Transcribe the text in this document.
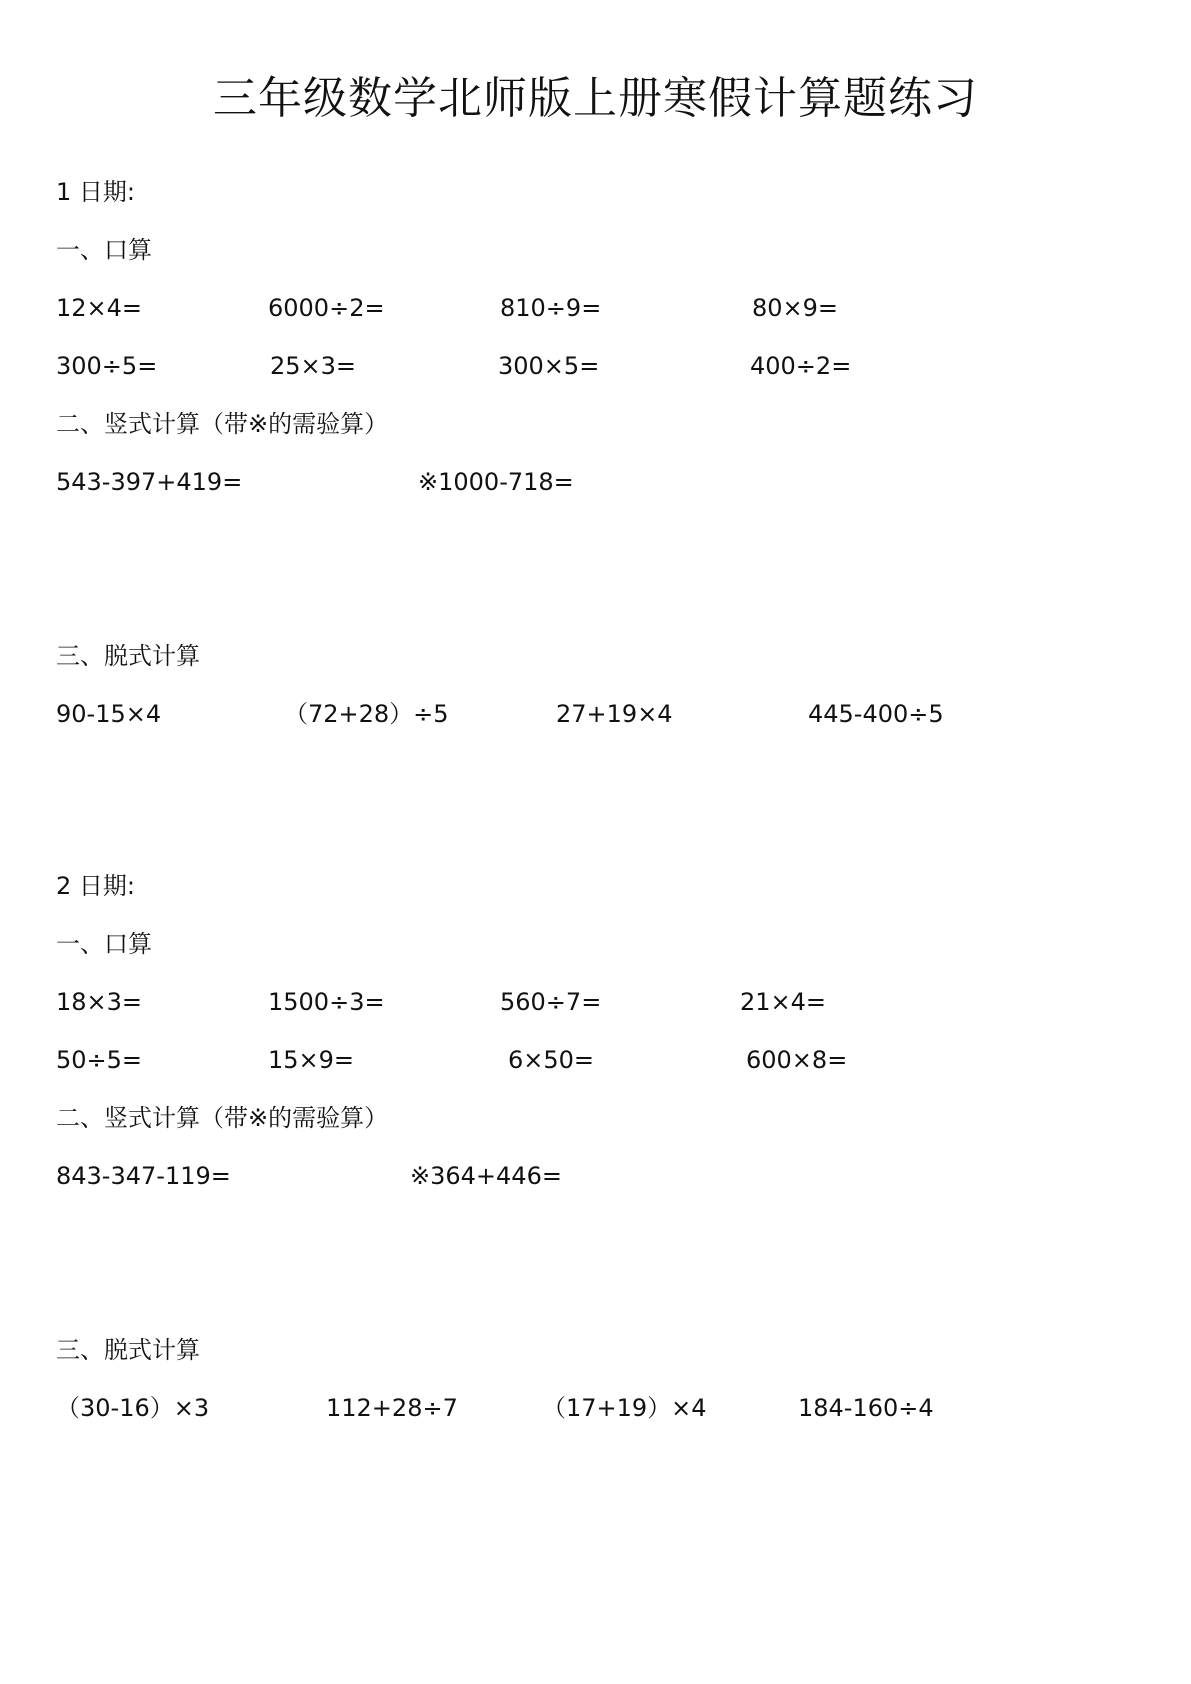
三年级数学北师版上册寒假计算题练习
1 日期:
一、口算
12×4=	6000÷2=	810÷9=	80×9=
300÷5=	25×3=	300×5=	400÷2=
二、竖式计算（带※的需验算）
543-397+419=	※1000-718=
三、脱式计算
90-15×4	（72+28）÷5	27+19×4	445-400÷5
2 日期:
一、口算
18×3=	1500÷3=	560÷7=	21×4=
50÷5=	15×9=	6×50=	600×8=
二、竖式计算（带※的需验算）
843-347-119=	※364+446=
三、脱式计算
（30-16）×3	112+28÷7	（17+19）×4	184-160÷4
